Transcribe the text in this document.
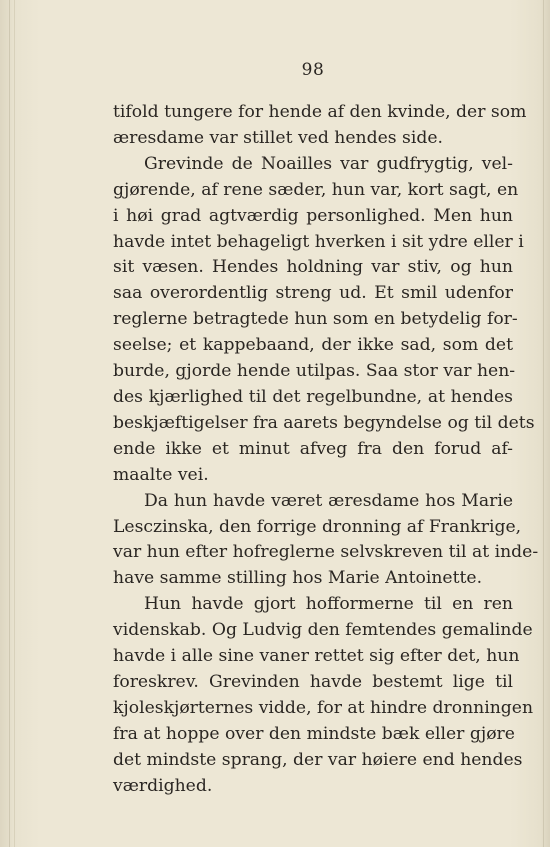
98
tifold tungere for hende af den kvinde, der som
æresdame var stillet ved hendes side.
Grevinde de Noailles var gudfrygtig, vel-
gjørende, af rene sæder, hun var, kort sagt, en
i høi grad agtværdig personlighed. Men hun
havde intet behageligt hverken i sit ydre eller i
sit væsen. Hendes holdning var stiv, og hun
saa overordentlig streng ud. Et smil udenfor
reglerne betragtede hun som en betydelig for-
seelse; et kappebaand, der ikke sad, som det
burde, gjorde hende utilpas. Saa stor var hen-
des kjærlighed til det regelbundne, at hendes
beskjæftigelser fra aarets begyndelse og til dets
ende ikke et minut afveg fra den forud af-
maalte vei.
Da hun havde været æresdame hos Marie
Lesczinska, den forrige dronning af Frankrige,
var hun efter hofreglerne selvskreven til at inde-
have samme stilling hos Marie Antoinette.
Hun havde gjort hofformerne til en ren
videnskab. Og Ludvig den femtendes gemalinde
havde i alle sine vaner rettet sig efter det, hun
foreskrev. Grevinden havde bestemt lige til
kjoleskjørternes vidde, for at hindre dronningen
fra at hoppe over den mindste bæk eller gjøre
det mindste sprang, der var høiere end hendes
værdighed.
